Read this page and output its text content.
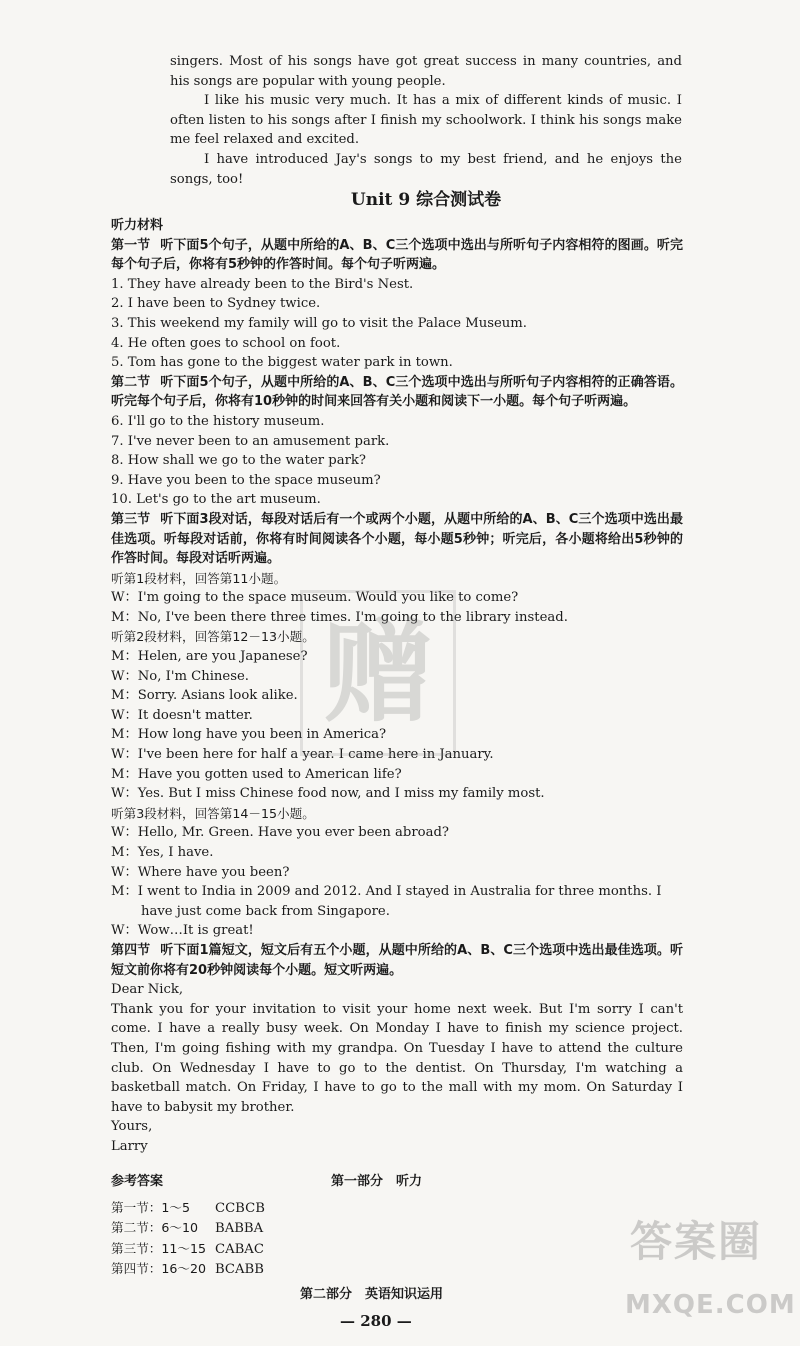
singers. Most of his songs have got great success in many countries, and his songs are popular with young people.

I like his music very much. It has a mix of different kinds of music. I often listen to his songs after I finish my schoolwork. I think his songs make me feel relaxed and excited.

I have introduced Jay's songs to my best friend, and he enjoys the songs, too!

Unit 9 综合测试卷

听力材料

第一节 听下面5个句子，从题中所给的A、B、C三个选项中选出与所听句子内容相符的图画。听完每个句子后，你将有5秒钟的作答时间。每个句子听两遍。

1. They have already been to the Bird's Nest.

2. I have been to Sydney twice.

3. This weekend my family will go to visit the Palace Museum.

4. He often goes to school on foot.

5. Tom has gone to the biggest water park in town.

第二节 听下面5个句子，从题中所给的A、B、C三个选项中选出与所听句子内容相符的正确答语。听完每个句子后，你将有10秒钟的时间来回答有关小题和阅读下一小题。每个句子听两遍。

6. I'll go to the history museum.

7. I've never been to an amusement park.

8. How shall we go to the water park?

9. Have you been to the space museum?

10. Let's go to the art museum.

第三节 听下面3段对话，每段对话后有一个或两个小题，从题中所给的A、B、C三个选项中选出最佳选项。听每段对话前，你将有时间阅读各个小题，每小题5秒钟；听完后，各小题将给出5秒钟的作答时间。每段对话听两遍。

听第1段材料，回答第11小题。

W：I'm going to the space museum. Would you like to come?

M：No, I've been there three times. I'm going to the library instead.

听第2段材料，回答第12－13小题。

M：Helen, are you Japanese?

W：No, I'm Chinese.

M：Sorry. Asians look alike.

W：It doesn't matter.

M：How long have you been in America?

W：I've been here for half a year. I came here in January.

M：Have you gotten used to American life?

W：Yes. But I miss Chinese food now, and I miss my family most.

听第3段材料，回答第14－15小题。

W：Hello, Mr. Green. Have you ever been abroad?

M：Yes, I have.

W：Where have you been?

M：I went to India in 2009 and 2012. And I stayed in Australia for three months. I have just come back from Singapore.

W：Wow…It is great!

第四节 听下面1篇短文，短文后有五个小题，从题中所给的A、B、C三个选项中选出最佳选项。听短文前你将有20秒钟阅读每个小题。短文听两遍。

Dear Nick,

Thank you for your invitation to visit your home next week. But I'm sorry I can't come. I have a really busy week. On Monday I have to finish my science project. Then, I'm going fishing with my grandpa. On Tuesday I have to attend the culture club. On Wednesday I have to go to the dentist. On Thursday, I'm watching a basketball match. On Friday, I have to go to the mall with my mom. On Saturday I have to babysit my brother.

Yours,

Larry

参考答案	第一部分　听力

第一节：1～5 CCBCB

第二节：6～10 BABBA

第三节：11～15 CABAC

第四节：16～20 BCABB

第二部分　英语知识运用
— 280 —
赠
答案圈
MXQE.COM
